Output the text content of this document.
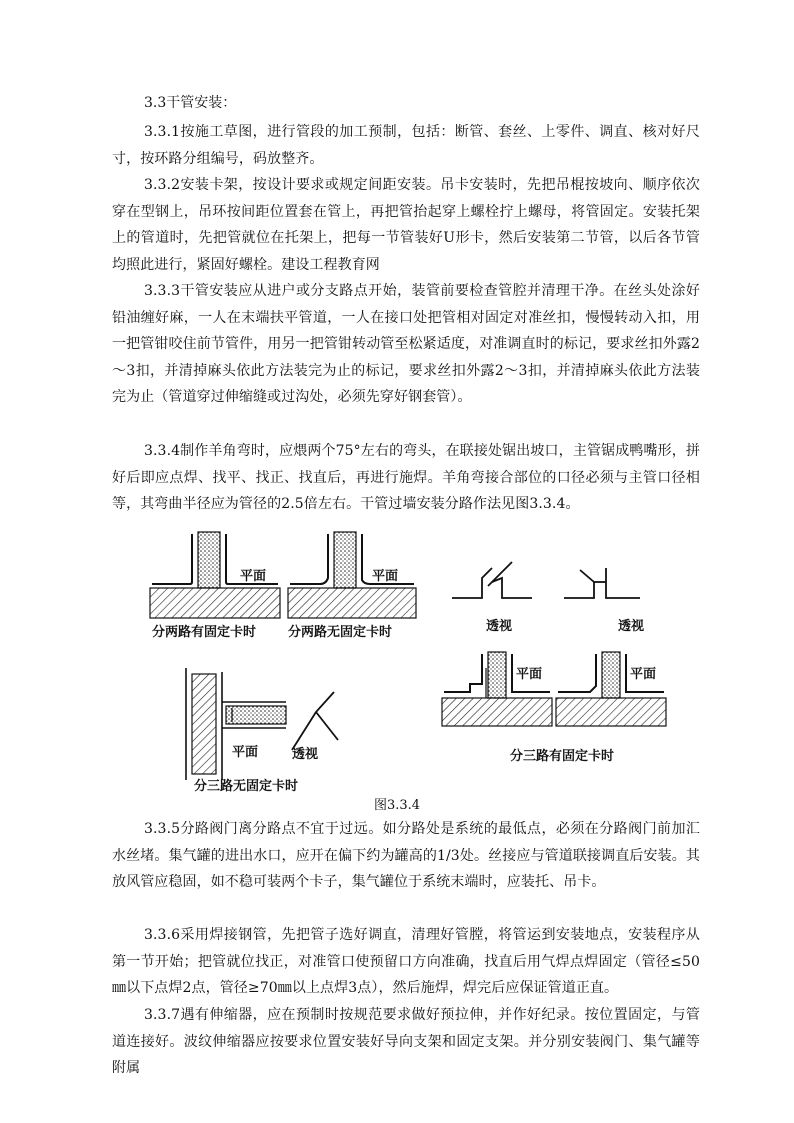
3.3干管安装：

3.3.1按施工草图，进行管段的加工预制，包括：断管、套丝、上零件、调直、核对好尺寸，按环路分组编号，码放整齐。

3.3.2安装卡架，按设计要求或规定间距安装。吊卡安装时，先把吊棍按坡向、顺序依次穿在型钢上，吊环按间距位置套在管上，再把管抬起穿上螺栓拧上螺母，将管固定。安装托架上的管道时，先把管就位在托架上，把每一节管装好U形卡，然后安装第二节管，以后各节管均照此进行，紧固好螺栓。建设工程教育网

3.3.3干管安装应从进户或分支路点开始，装管前要检查管腔并清理干净。在丝头处涂好铅油缠好麻，一人在末端扶平管道，一人在接口处把管相对固定对准丝扣，慢慢转动入扣，用一把管钳咬住前节管件，用另一把管钳转动管至松紧适度，对准调直时的标记，要求丝扣外露2～3扣，并清掉麻头依此方法装完为止的标记，要求丝扣外露2～3扣，并清掉麻头依此方法装完为止（管道穿过伸缩缝或过沟处，必须先穿好钢套管）。

3.3.4制作羊角弯时，应煨两个75°左右的弯头，在联接处锯出坡口，主管锯成鸭嘴形，拼好后即应点焊、找平、找正、找直后，再进行施焊。羊角弯接合部位的口径必须与主管口径相等，其弯曲半径应为管径的2.5倍左右。干管过墙安装分路作法见图3.3.4。

平面
分两路有固定卡时
平面
分两路无固定卡时	透视	透视
平面	透视
分三路无固定卡时
平面	平面
分三路有固定卡时

图3.3.4

3.3.5分路阀门离分路点不宜于过远。如分路处是系统的最低点，必须在分路阀门前加汇水丝堵。集气罐的进出水口，应开在偏下约为罐高的1/3处。丝接应与管道联接调直后安装。其放风管应稳固，如不稳可装两个卡子，集气罐位于系统末端时，应装托、吊卡。

3.3.6采用焊接钢管，先把管子选好调直，清理好管膛，将管运到安装地点，安装程序从第一节开始；把管就位找正，对准管口使预留口方向准确，找直后用气焊点焊固定（管径≤50㎜以下点焊2点，管径≥70㎜以上点焊3点），然后施焊，焊完后应保证管道正直。

3.3.7遇有伸缩器，应在预制时按规范要求做好预拉伸，并作好纪录。按位置固定，与管道连接好。波纹伸缩器应按要求位置安装好导向支架和固定支架。并分别安装阀门、集气罐等附属
